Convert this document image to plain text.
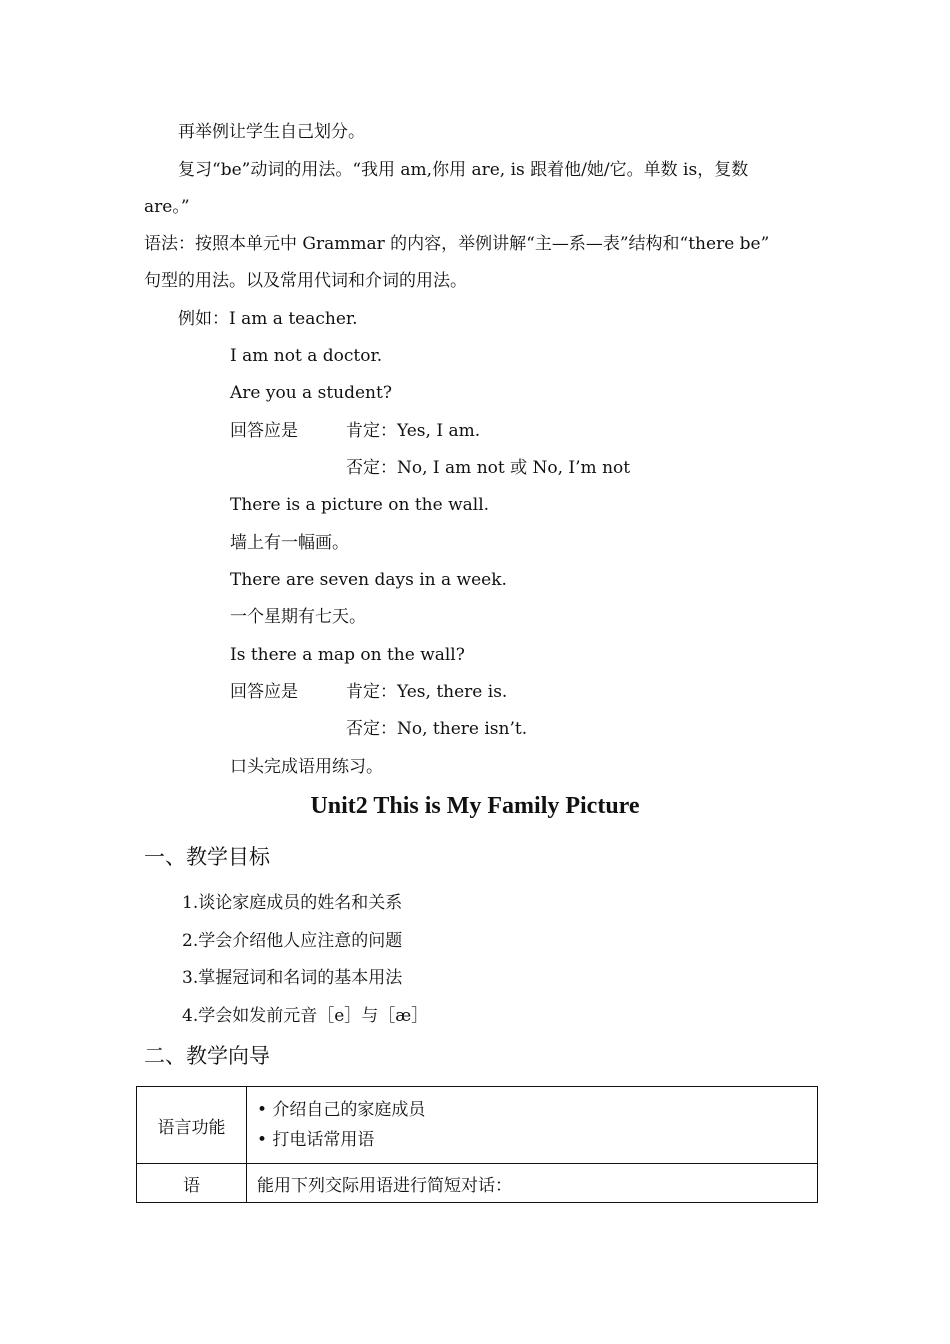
再举例让学生自己划分。
复习“be”动词的用法。“我用 am,你用 are, is 跟着他/她/它。单数 is，复数
are。”
语法：按照本单元中 Grammar 的内容，举例讲解“主—系—表”结构和“there be”
句型的用法。以及常用代词和介词的用法。
例如：I am a teacher.
I am not a doctor.
Are you a student?
回答应是	肯定：Yes, I am.
否定：No, I am not 或 No, I’m not
There is a picture on the wall.
墙上有一幅画。
There are seven days in a week.
一个星期有七天。
Is there a map on the wall?
回答应是	肯定：Yes, there is.
否定：No, there isn’t.
口头完成语用练习。
Unit2 This is My Family Picture
一、教学目标
1.谈论家庭成员的姓名和关系
2.学会介绍他人应注意的问题
3.掌握冠词和名词的基本用法
4.学会如发前元音［e］与［æ］
二、教学向导
语言功能	• 介绍自己的家庭成员
• 打电话常用语

语	能用下列交际用语进行简短对话：
